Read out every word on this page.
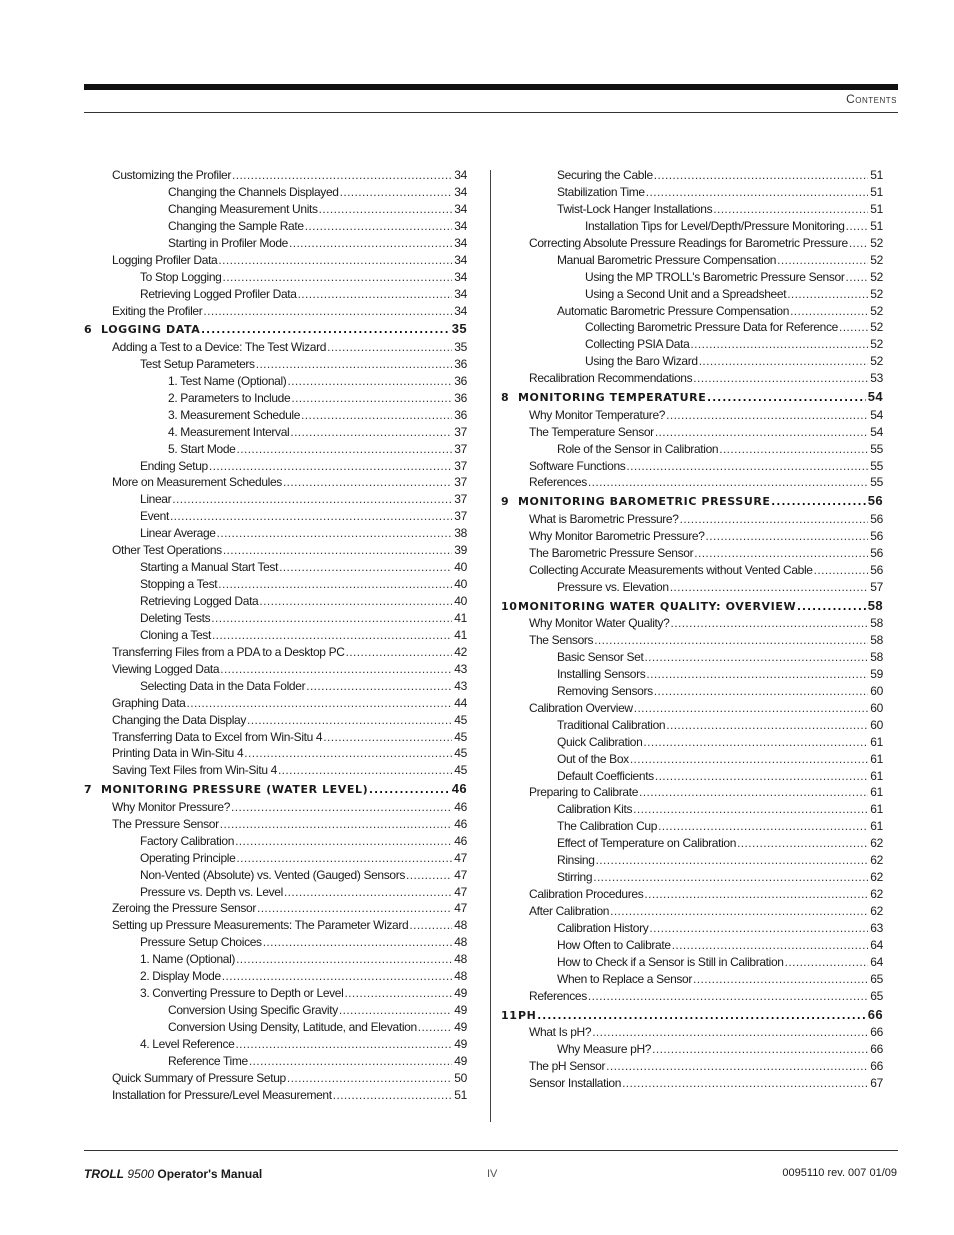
Contents
Customizing the Profiler .....	34
Changing the Channels Displayed .....	34
Changing Measurement Units .....	34
Changing the Sample Rate .....	34
Starting in Profiler Mode .....	34
Logging Profiler Data .....	34
To Stop Logging .....	34
Retrieving Logged Profiler Data .....	34
Exiting the Profiler .....	34
6 LOGGING DATA .....	35
Adding a Test to a Device: The Test Wizard .....	35
Test Setup Parameters .....	36
1. Test Name (Optional) .....	36
2. Parameters to Include .....	36
3. Measurement Schedule .....	36
4. Measurement Interval .....	37
5. Start Mode .....	37
Ending Setup .....	37
More on Measurement Schedules .....	37
Linear .....	37
Event .....	37
Linear Average .....	38
Other Test Operations .....	39
Starting a Manual Start Test .....	40
Stopping a Test .....	40
Retrieving Logged Data .....	40
Deleting Tests .....	41
Cloning a Test .....	41
Transferring Files from a PDA to a Desktop PC .....	42
Viewing Logged Data .....	43
Selecting Data in the Data Folder .....	43
Graphing Data .....	44
Changing the Data Display .....	45
Transferring Data to Excel from Win-Situ 4 .....	45
Printing Data in Win-Situ 4 .....	45
Saving Text Files from Win-Situ 4 .....	45
7 MONITORING PRESSURE (WATER LEVEL) .....	46
Why Monitor Pressure? .....	46
The Pressure Sensor .....	46
Factory Calibration .....	46
Operating Principle .....	47
Non-Vented (Absolute) vs. Vented (Gauged) Sensors .....	47
Pressure vs. Depth vs. Level .....	47
Zeroing the Pressure Sensor .....	47
Setting up Pressure Measurements: The Parameter Wizard .....	48
Pressure Setup Choices .....	48
1. Name (Optional) .....	48
2. Display Mode .....	48
3. Converting Pressure to Depth or Level .....	49
Conversion Using Specific Gravity .....	49
Conversion Using Density, Latitude, and Elevation .....	49
4. Level Reference .....	49
Reference Time .....	49
Quick Summary of Pressure Setup .....	50
Installation for Pressure/Level Measurement .....	51
Securing the Cable .....	51
Stabilization Time .....	51
Twist-Lock Hanger Installations .....	51
Installation Tips for Level/Depth/Pressure Monitoring ..... 51
Correcting Absolute Pressure Readings for Barometric Pressure ..... 52
Manual Barometric Pressure Compensation .....	52
Using the MP TROLL's Barometric Pressure Sensor ..... 52
Using a Second Unit and a Spreadsheet .....	52
Automatic Barometric Pressure Compensation .....	52
Collecting Barometric Pressure Data for Reference .....	52
Collecting PSIA Data .....	52
Using the Baro Wizard .....	52
Recalibration Recommendations .....	53
8 MONITORING TEMPERATURE .....	54
Why Monitor Temperature? .....	54
The Temperature Sensor .....	54
Role of the Sensor in Calibration .....	55
Software Functions .....	55
References .....	55
9 MONITORING BAROMETRIC PRESSURE .....	56
What is Barometric Pressure? .....	56
Why Monitor Barometric Pressure? .....	56
The Barometric Pressure Sensor .....	56
Collecting Accurate Measurements without Vented Cable .....	56
Pressure vs. Elevation .....	57
10MONITORING WATER QUALITY: OVERVIEW .....	58
Why Monitor Water Quality? .....	58
The Sensors .....	58
Basic Sensor Set .....	58
Installing Sensors .....	59
Removing Sensors .....	60
Calibration Overview .....	60
Traditional Calibration .....	60
Quick Calibration .....	61
Out of the Box .....	61
Default Coefficients .....	61
Preparing to Calibrate .....	61
Calibration Kits .....	61
The Calibration Cup .....	61
Effect of Temperature on Calibration .....	62
Rinsing .....	62
Stirring .....	62
Calibration Procedures .....	62
After Calibration .....	62
Calibration History .....	63
How Often to Calibrate .....	64
How to Check if a Sensor is Still in Calibration .....	64
When to Replace a Sensor .....	65
References .....	65
11PH .....	66
What Is pH? .....	66
Why Measure pH? .....	66
The pH Sensor .....	66
Sensor Installation .....	67
TROLL 9500 Operator's Manual	IV	0095110 rev. 007 01/09
